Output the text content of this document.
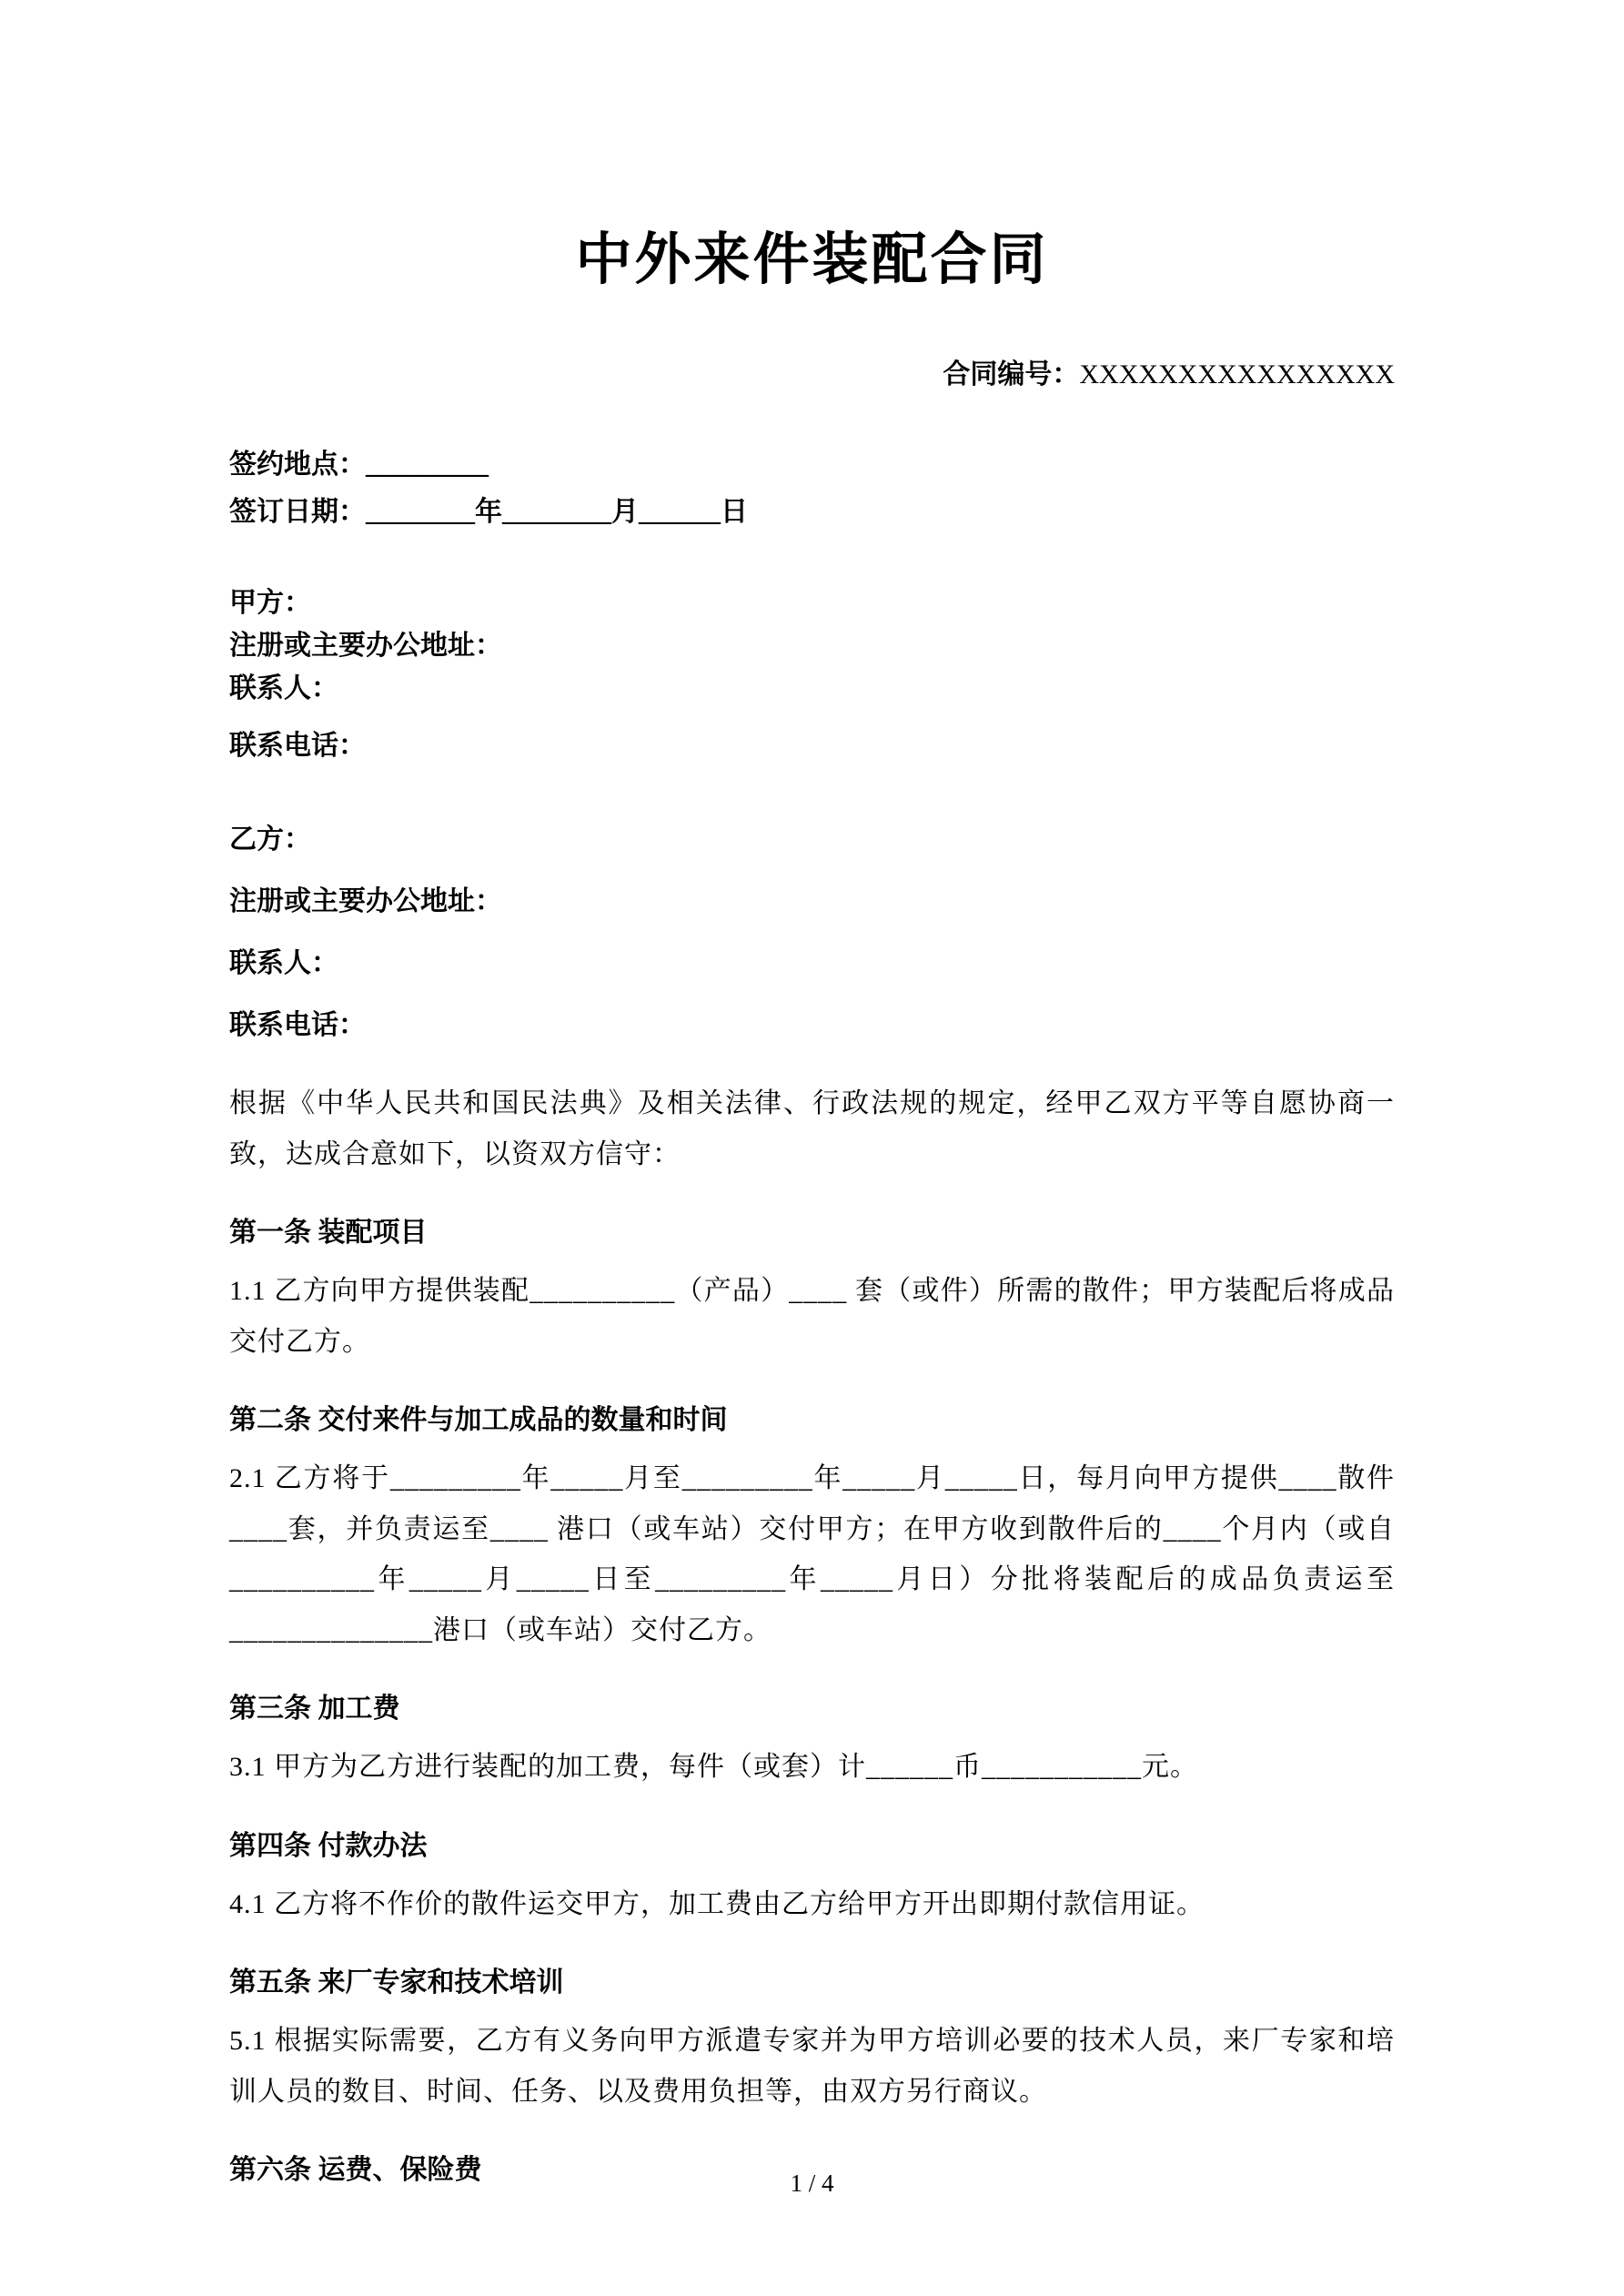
中外来件装配合同
合同编号：XXXXXXXXXXXXXXXX
签约地点：_________
签订日期：________年________月______日
甲方：
注册或主要办公地址：
联系人：
联系电话：
乙方：
注册或主要办公地址：
联系人：
联系电话：

根据《中华人民共和国民法典》及相关法律、行政法规的规定，经甲乙双方平等自愿协商一致，达成合意如下，以资双方信守：

第一条 装配项目

1.1 乙方向甲方提供装配__________（产品）____ 套（或件）所需的散件；甲方装配后将成品交付乙方。

第二条 交付来件与加工成品的数量和时间

2.1 乙方将于_________年_____月至_________年_____月_____日，每月向甲方提供____散件____套，并负责运至____ 港口（或车站）交付甲方；在甲方收到散件后的____个月内（或自__________年_____月_____日至_________年_____月日）分批将装配后的成品负责运至______________港口（或车站）交付乙方。

第三条 加工费

3.1 甲方为乙方进行装配的加工费，每件（或套）计______币___________元。

第四条 付款办法

4.1 乙方将不作价的散件运交甲方，加工费由乙方给甲方开出即期付款信用证。

第五条 来厂专家和技术培训

5.1 根据实际需要，乙方有义务向甲方派遣专家并为甲方培训必要的技术人员，来厂专家和培训人员的数目、时间、任务、以及费用负担等，由双方另行商议。

第六条 运费、保险费	1 / 4
